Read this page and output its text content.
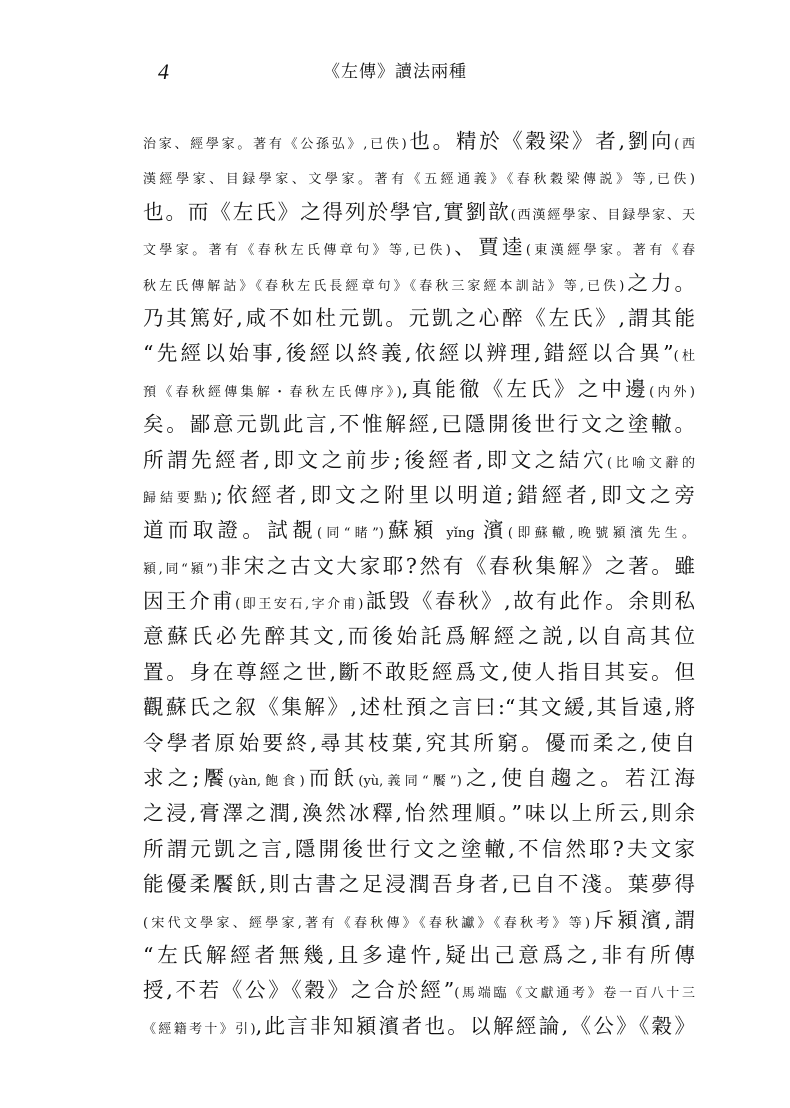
4	《左傳》讀法兩種
治家、經學家。著有《公孫弘》,已佚)也。精於《穀梁》者,劉向(西
漢經學家、目録學家、文學家。著有《五經通義》《春秋穀梁傳説》等,已佚)
也。而《左氏》之得列於學官,實劉歆(西漢經學家、目録學家、天
文學家。著有《春秋左氏傳章句》等,已佚)、賈逵(東漢經學家。著有《春
秋左氏傳解詁》《春秋左氏長經章句》《春秋三家經本訓詁》等,已佚)之力。
乃其篤好,咸不如杜元凱。元凱之心醉《左氏》,謂其能
“先經以始事,後經以終義,依經以辨理,錯經以合異”(杜
預《春秋經傳集解・春秋左氏傳序》),真能徹《左氏》之中邊(内外)
矣。鄙意元凱此言,不惟解經,已隱開後世行文之塗轍。
所謂先經者,即文之前步;後經者,即文之結穴(比喻文辭的
歸結要點);依經者,即文之附里以明道;錯經者,即文之旁
道而取證。試覩(同“睹”)蘇潁 yǐng 濱(即蘇轍,晚號潁濱先生。
潁,同“潁”)非宋之古文大家耶?然有《春秋集解》之著。雖
因王介甫(即王安石,字介甫)詆毁《春秋》,故有此作。余則私
意蘇氏必先醉其文,而後始託爲解經之説,以自高其位
置。身在尊經之世,斷不敢貶經爲文,使人指目其妄。但
觀蘇氏之叙《集解》,述杜預之言曰:“其文緩,其旨遠,將
令學者原始要終,尋其枝葉,究其所窮。優而柔之,使自
求之;饜(yàn,飽食)而飫(yù,義同“饜”)之,使自趨之。若江海
之浸,膏澤之潤,渙然冰釋,怡然理順。”味以上所云,則余
所謂元凱之言,隱開後世行文之塗轍,不信然耶?夫文家
能優柔饜飫,則古書之足浸潤吾身者,已自不淺。葉夢得
(宋代文學家、經學家,著有《春秋傳》《春秋讞》《春秋考》等)斥潁濱,謂
“左氏解經者無幾,且多違忤,疑出己意爲之,非有所傳
授,不若《公》《穀》之合於經”(馬端臨《文獻通考》卷一百八十三
《經籍考十》引),此言非知潁濱者也。以解經論,《公》《穀》
